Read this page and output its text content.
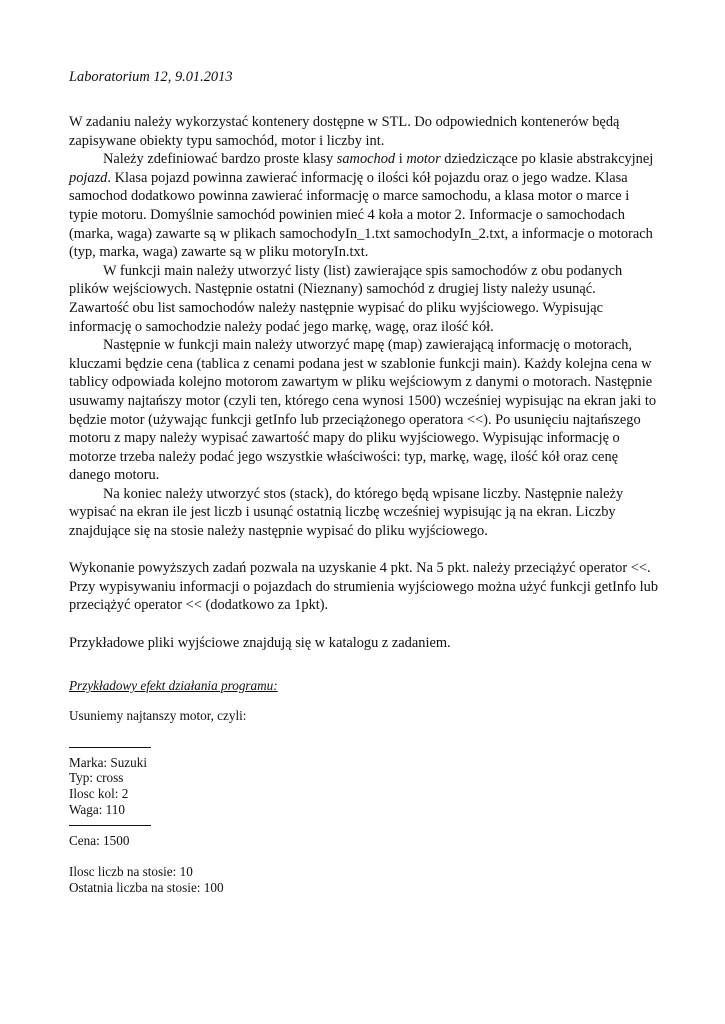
Laboratorium 12, 9.01.2013

W zadaniu należy wykorzystać kontenery dostępne w STL. Do odpowiednich kontenerów będą zapisywane obiekty typu samochód, motor i liczby int.

Należy zdefiniować bardzo proste klasy samochod i motor dziedziczące po klasie abstrakcyjnej pojazd. Klasa pojazd powinna zawierać informację o ilości kół pojazdu oraz o jego wadze. Klasa samochod dodatkowo powinna zawierać informację o marce samochodu, a klasa motor o marce i typie motoru. Domyślnie samochód powinien mieć 4 koła a motor 2. Informacje o samochodach (marka, waga) zawarte są w plikach samochodyIn_1.txt samochodyIn_2.txt, a informacje o motorach (typ, marka, waga) zawarte są w pliku motoryIn.txt.

W funkcji main należy utworzyć listy (list) zawierające spis samochodów z obu podanych plików wejściowych. Następnie ostatni (Nieznany) samochód z drugiej listy należy usunąć. Zawartość obu list samochodów należy następnie wypisać do pliku wyjściowego. Wypisując informację o samochodzie należy podać jego markę, wagę, oraz ilość kół.

Następnie w funkcji main należy utworzyć mapę (map) zawierającą informację o motorach, kluczami będzie cena (tablica z cenami podana jest w szablonie funkcji main). Każdy kolejna cena w tablicy odpowiada kolejno motorom zawartym w pliku wejściowym z danymi o motorach. Następnie usuwamy najtańszy motor (czyli ten, którego cena wynosi 1500) wcześniej wypisując na ekran jaki to będzie motor (używając funkcji getInfo lub przeciążonego operatora <<). Po usunięciu najtańszego motoru z mapy należy wypisać zawartość mapy do pliku wyjściowego. Wypisując informację o motorze trzeba należy podać jego wszystkie właściwości: typ, markę, wagę, ilość kół oraz cenę danego motoru.

Na koniec należy utworzyć stos (stack), do którego będą wpisane liczby. Następnie należy wypisać na ekran ile jest liczb i usunąć ostatnią liczbę wcześniej wypisując ją na ekran. Liczby znajdujące się na stosie należy następnie wypisać do pliku wyjściowego.

Wykonanie powyższych zadań pozwala na uzyskanie 4 pkt. Na 5 pkt. należy przeciążyć operator <<.

Przy wypisywaniu informacji o pojazdach do strumienia wyjściowego można użyć funkcji getInfo lub przeciążyć operator << (dodatkowo za 1pkt).

Przykładowe pliki wyjściowe znajdują się w katalogu z zadaniem.

Przykładowy efekt działania programu:
Usuniemy najtanszy motor, czyli:
Marka: Suzuki
Typ: cross
Ilosc kol: 2
Waga: 110
Cena: 1500
Ilosc liczb na stosie: 10
Ostatnia liczba na stosie: 100
